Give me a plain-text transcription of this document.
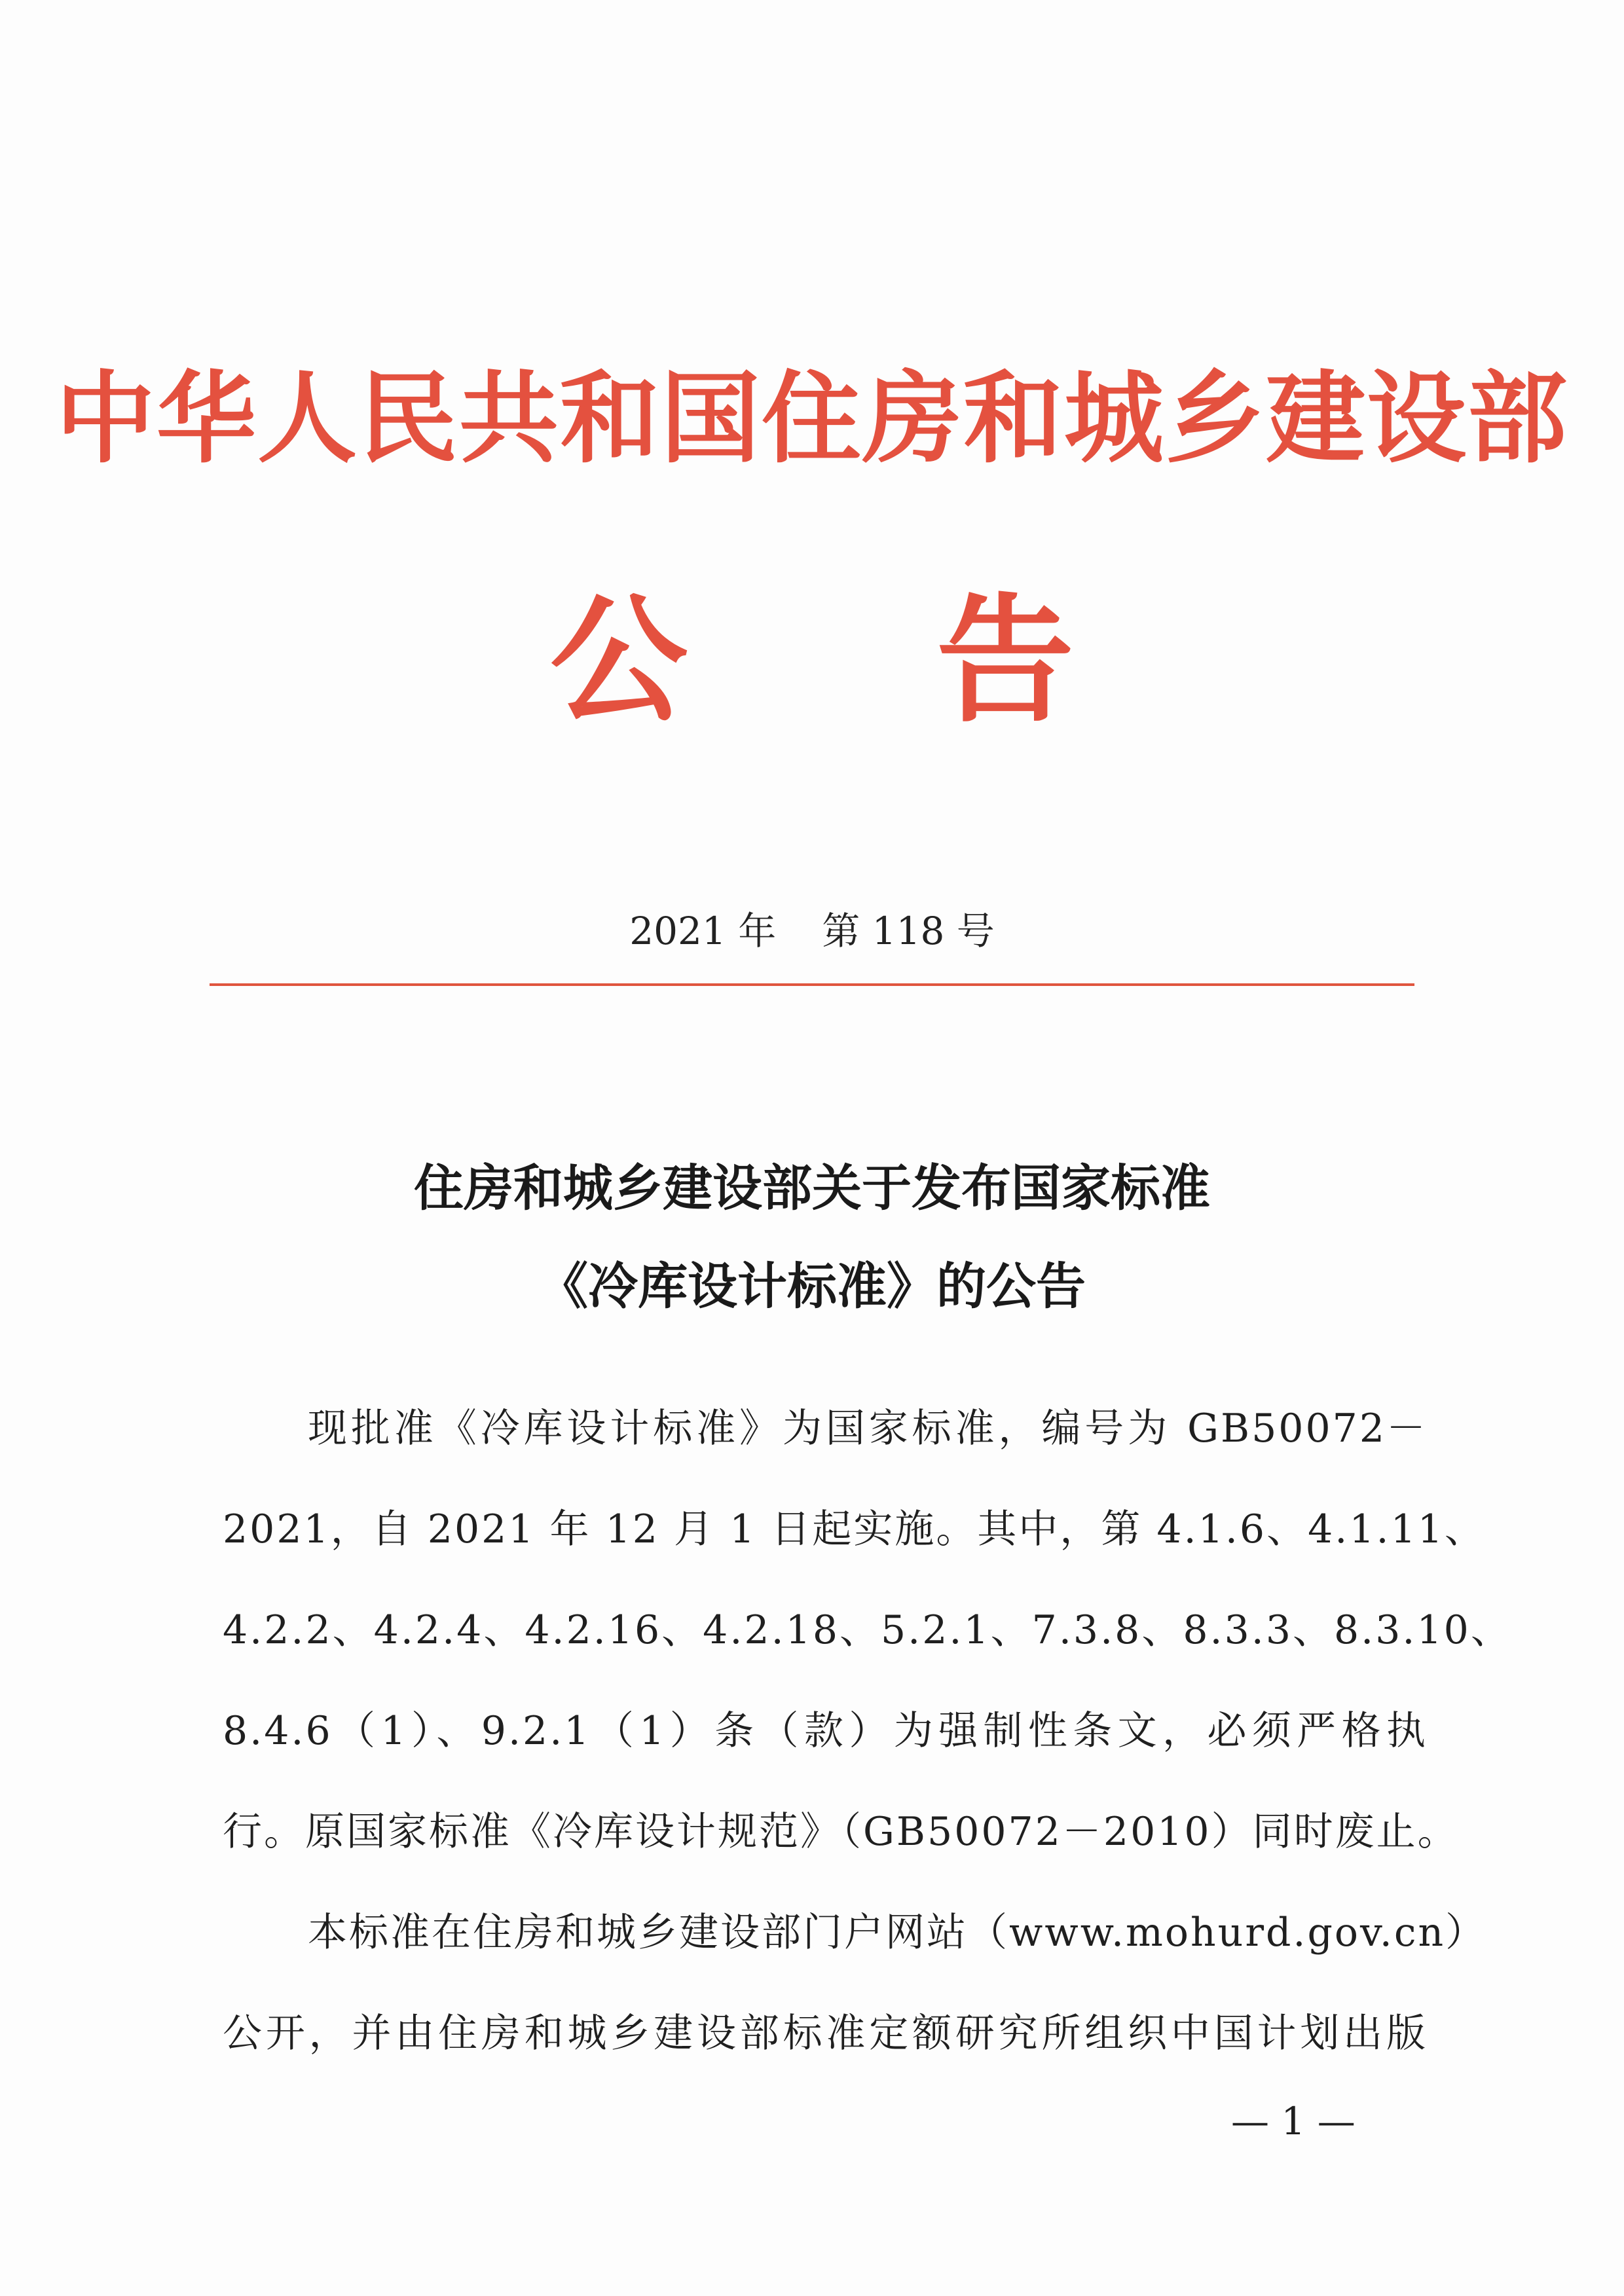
中华人民共和国住房和城乡建设部
公 告
2021 年 第 118 号
住房和城乡建设部关于发布国家标准
《冷库设计标准》的公告
现批准《冷库设计标准》为国家标准，编号为 GB50072－
2021，自 2021 年 12 月 1 日起实施。其中，第 4.1.6、4.1.11、
4.2.2、4.2.4、4.2.16、4.2.18、5.2.1、7.3.8、8.3.3、8.3.10、
8.4.6（1）、9.2.1（1）条（款）为强制性条文，必须严格执
行。原国家标准《冷库设计规范》（GB50072－2010）同时废止。
本标准在住房和城乡建设部门户网站（www.mohurd.gov.cn）
公开，并由住房和城乡建设部标准定额研究所组织中国计划出版
— 1 —
